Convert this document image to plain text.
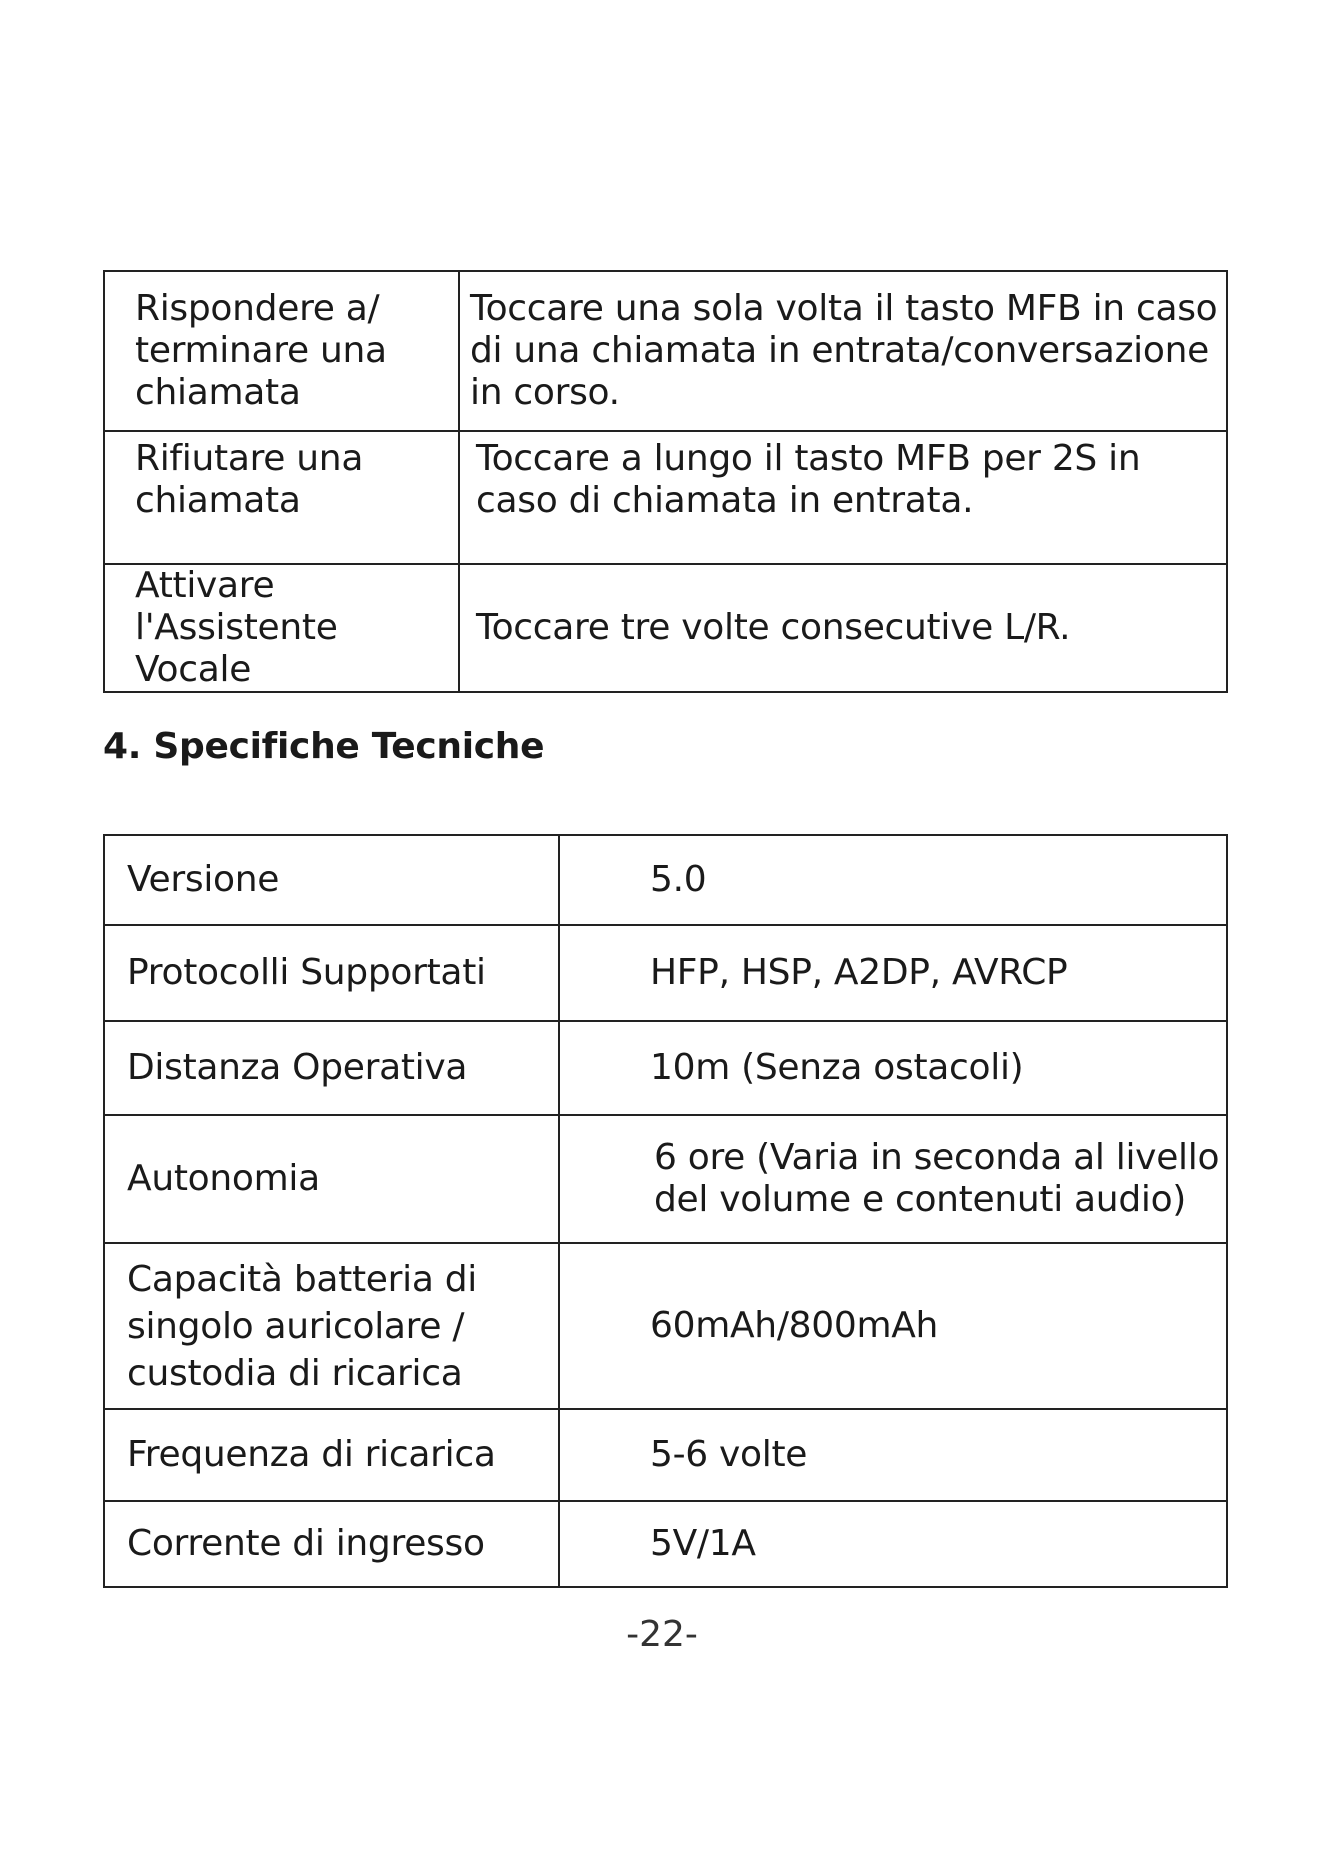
Rispondere a/ terminare una chiamata	Toccare una sola volta il tasto MFB in caso di una chiamata in entrata/conversazione in corso.
Rifiutare una chiamata	Toccare a lungo il tasto MFB per 2S in caso di chiamata in entrata.
Attivare l'Assistente Vocale	Toccare tre volte consecutive L/R.
4. Specifiche Tecniche
Versione	5.0
Protocolli Supportati	HFP, HSP, A2DP, AVRCP
Distanza Operativa	10m (Senza ostacoli)
Autonomia	6 ore (Varia in seconda al livello del volume e contenuti audio)
Capacità batteria di singolo auricolare / custodia di ricarica	60mAh/800mAh
Frequenza di ricarica	5-6 volte
Corrente di ingresso	5V/1A
-22-
